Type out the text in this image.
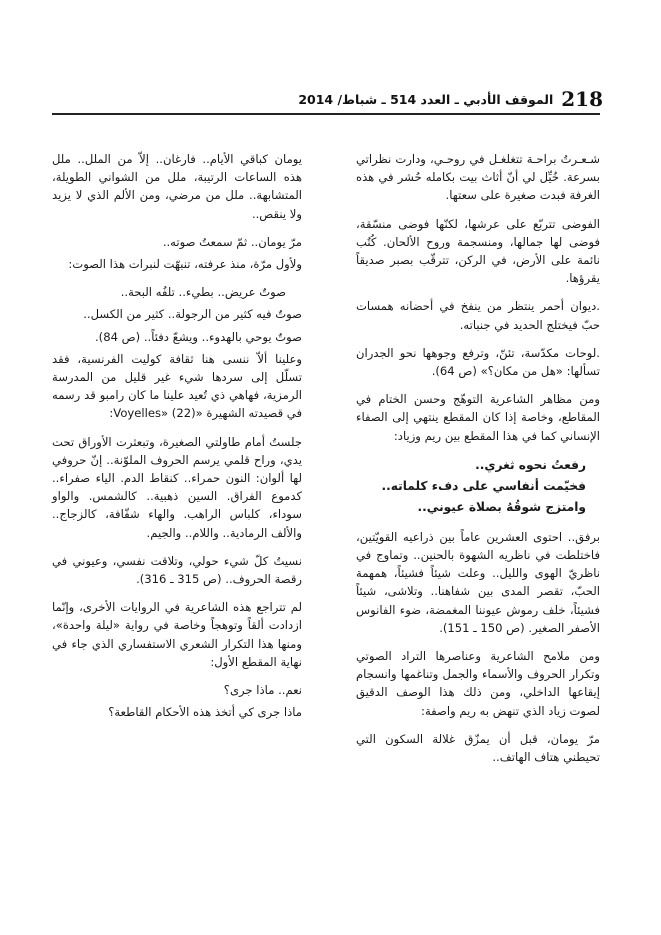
218
الموقف الأدبي ـ العدد 514 ـ شباط/ 2014

شـعـرتُ براحـة تتغلغـل في روحـي، ودارت نظراتي بسرعة. خُيِّل لي أنّ أثاث بيت بكامله حُشر في هذه الغرفة فبدت صغيرة على سعتها.

الفوضى تتربّع على عرشها، لكنّها فوضى منسّقة، فوضى لها جمالها، ومنسجمة وروح الألحان. كُتُب نائمة على الأرض، في الركن، تترقّب بصبر صديقاً يقرؤها.

.ديوان أحمر ينتظر من ينفخ في أحضانه همسات حبّ فيختلج الحديد في جنباته.

.لوحات مكدّسة، تئنّ، وترفع وجوهها نحو الجدران تسألها: «هل من مكان؟» (ص 64).

ومن مظاهر الشاعرية التوهّج وحسن الختام في المقاطع، وخاصة إذا كان المقطع ينتهي إلى الصفاء الإنساني كما في هذا المقطع بين ريم وزياد:

رفعتُ نحوه ثغري..
فخيّمت أنفاسي على دفء كلماته..
وامتزج شوقُهُ بصلاة عيوني..

برفق.. احتوى العشرين عاماً بين ذراعيه القويّتين، فاختلطت في ناظريه الشهوة بالحنين.. وتماوج في ناظريّ الهوى والليل.. وعلت شيئاً فشيئاً، همهمة الحبّ، تقصر المدى بين شفاهنا.. وتلاشى، شيئاً فشيئاً، خلف رموش عيوننا المغمضة، ضوء الفانوس الأصفر الصغير. (ص 150 ـ 151).

ومن ملامح الشاعرية وعناصرها التراد الصوتي وتكرار الحروف والأسماء والجمل وتناغمها وانسجام إيقاعها الداخلي، ومن ذلك هذا الوصف الدقيق لصوت زياد الذي تنهض به ريم واصفة:

مرّ يومان، قبل أن يمزّق غلالة السكون التي تحيطني هتاف الهاتف..

يومان كباقي الأيام.. فارغان.. إلاّ من الملل.. ملل هذه الساعات الرتيبة، ملل من الشواني الطويلة، المتشابهة.. ملل من مرضي، ومن الألم الذي لا يزيد ولا ينقص..

مرّ يومان.. ثمّ سمعتُ صوته..

ولأول مرّة، منذ عرفته، تنبهّت لنبرات هذا الصوت:

صوتٌ عريض.. بطيء.. تلفُه البحة..

صوتٌ فيه كثير من الرجولة.. كثير من الكسل..

صوتٌ يوحي بالهدوء.. ويشعّ دفئاً.. (ص 84).

وعلينا ألاّ ننسى هنا ثقافة كوليت الفرنسية، فقد تسلّل إلى سردها شيء غير قليل من المدرسة الرمزية، فهاهي ذي تُعيد علينا ما كان رامبو قد رسمه في قصيدته الشهيرة «Voyelles» (22):

جلستُ أمام طاولتي الصغيرة، وتبعثرت الأوراق تحت يدي، وراح قلمي يرسم الحروف الملوّنة.. إنّ حروفي لها ألوان: النون حمراء.. كنقاط الدم. الياء صفراء.. كدموع الفراق. السين ذهبية.. كالشمس. والواو سوداء، كلباس الراهب. والهاء شفّافة، كالزجاج.. والألف الرمادية.. واللام.. والجيم.

نسيتُ كلّ شيء حولي، وتلاقت نفسي، وعيوني في رقصة الحروف.. (ص 315 ـ 316).

لم تتراجع هذه الشاعرية في الروايات الأخرى، وإنّما ازدادت ألقاً وتوهجاً وخاصة في رواية «ليلة واحدة»، ومنها هذا التكرار الشعري الاستفساري الذي جاء في نهاية المقطع الأول:

نعم.. ماذا جرى؟

ماذا جرى كي أتخذ هذه الأحكام القاطعة؟
